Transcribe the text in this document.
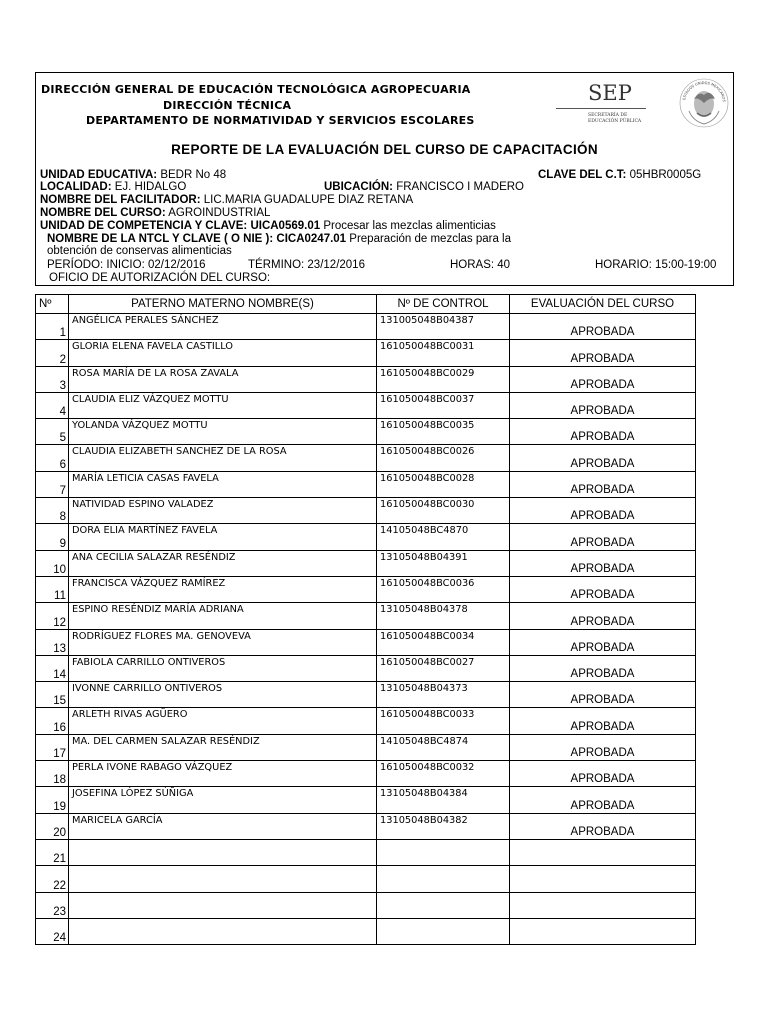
DIRECCIÓN GENERAL DE EDUCACIÓN TECNOLÓGICA AGROPECUARIA
DIRECCIÓN TÉCNICA
DEPARTAMENTO DE NORMATIVIDAD Y SERVICIOS ESCOLARES
SEP
SECRETARÍA DE
EDUCACIÓN PÚBLICA
ESTADOS UNIDOS MEXICANOS
REPORTE DE LA EVALUACIÓN DEL CURSO DE CAPACITACIÓN
UNIDAD EDUCATIVA: BEDR No 48	CLAVE DEL C.T: 05HBR0005G
LOCALIDAD: EJ. HIDALGO	UBICACIÓN: FRANCISCO I MADERO
NOMBRE DEL FACILITADOR: LIC.MARIA GUADALUPE DIAZ RETANA
NOMBRE DEL CURSO: AGROINDUSTRIAL
UNIDAD DE COMPETENCIA Y CLAVE: UICA0569.01 Procesar las mezclas alimenticias
NOMBRE DE LA NTCL Y CLAVE ( O NIE ): CICA0247.01 Preparación de mezclas para la
obtención de conservas alimenticias
PERÍODO: INICIO: 02/12/2016	TÉRMINO: 23/12/2016	HORAS: 40	HORARIO: 15:00-19:00
OFICIO DE AUTORIZACIÓN DEL CURSO:
Nº	PATERNO MATERNO NOMBRE(S)	Nº DE CONTROL	EVALUACIÓN DEL CURSO
1	ANGÉLICA PERALES SÁNCHEZ	131005048B04387	APROBADA
2	GLORIA ELENA FAVELA CASTILLO	161050048BC0031	APROBADA
3	ROSA MARÍA DE LA ROSA ZAVALA	161050048BC0029	APROBADA
4	CLAUDIA ELIZ VÁZQUEZ MOTTU	161050048BC0037	APROBADA
5	YOLANDA VÁZQUEZ MOTTU	161050048BC0035	APROBADA
6	CLAUDIA ELIZABETH SANCHEZ DE LA ROSA	161050048BC0026	APROBADA
7	MARÍA LETICIA CASAS FAVELA	161050048BC0028	APROBADA
8	NATIVIDAD ESPINO VALADEZ	161050048BC0030	APROBADA
9	DORA ELIA MARTÍNEZ FAVELA	14105048BC4870	APROBADA
10	ANA CECILIA SALAZAR RESÉNDIZ	13105048B04391	APROBADA
11	FRANCISCA VÁZQUEZ RAMÍREZ	161050048BC0036	APROBADA
12	ESPINO RESÉNDIZ MARÍA ADRIANA	13105048B04378	APROBADA
13	RODRÍGUEZ FLORES MA. GENOVEVA	161050048BC0034	APROBADA
14	FABIOLA CARRILLO ONTIVEROS	161050048BC0027	APROBADA
15	IVONNE CARRILLO ONTIVEROS	13105048B04373	APROBADA
16	ARLETH RIVAS AGÜERO	161050048BC0033	APROBADA
17	MA. DEL CARMEN SALAZAR RESÉNDIZ	14105048BC4874	APROBADA
18	PERLA IVONE RABAGO VÁZQUEZ	161050048BC0032	APROBADA
19	JOSEFINA LÓPEZ SÚÑIGA	13105048B04384	APROBADA
20	MARICELA GARCÍA	13105048B04382	APROBADA
21			
22			
23			
24			
